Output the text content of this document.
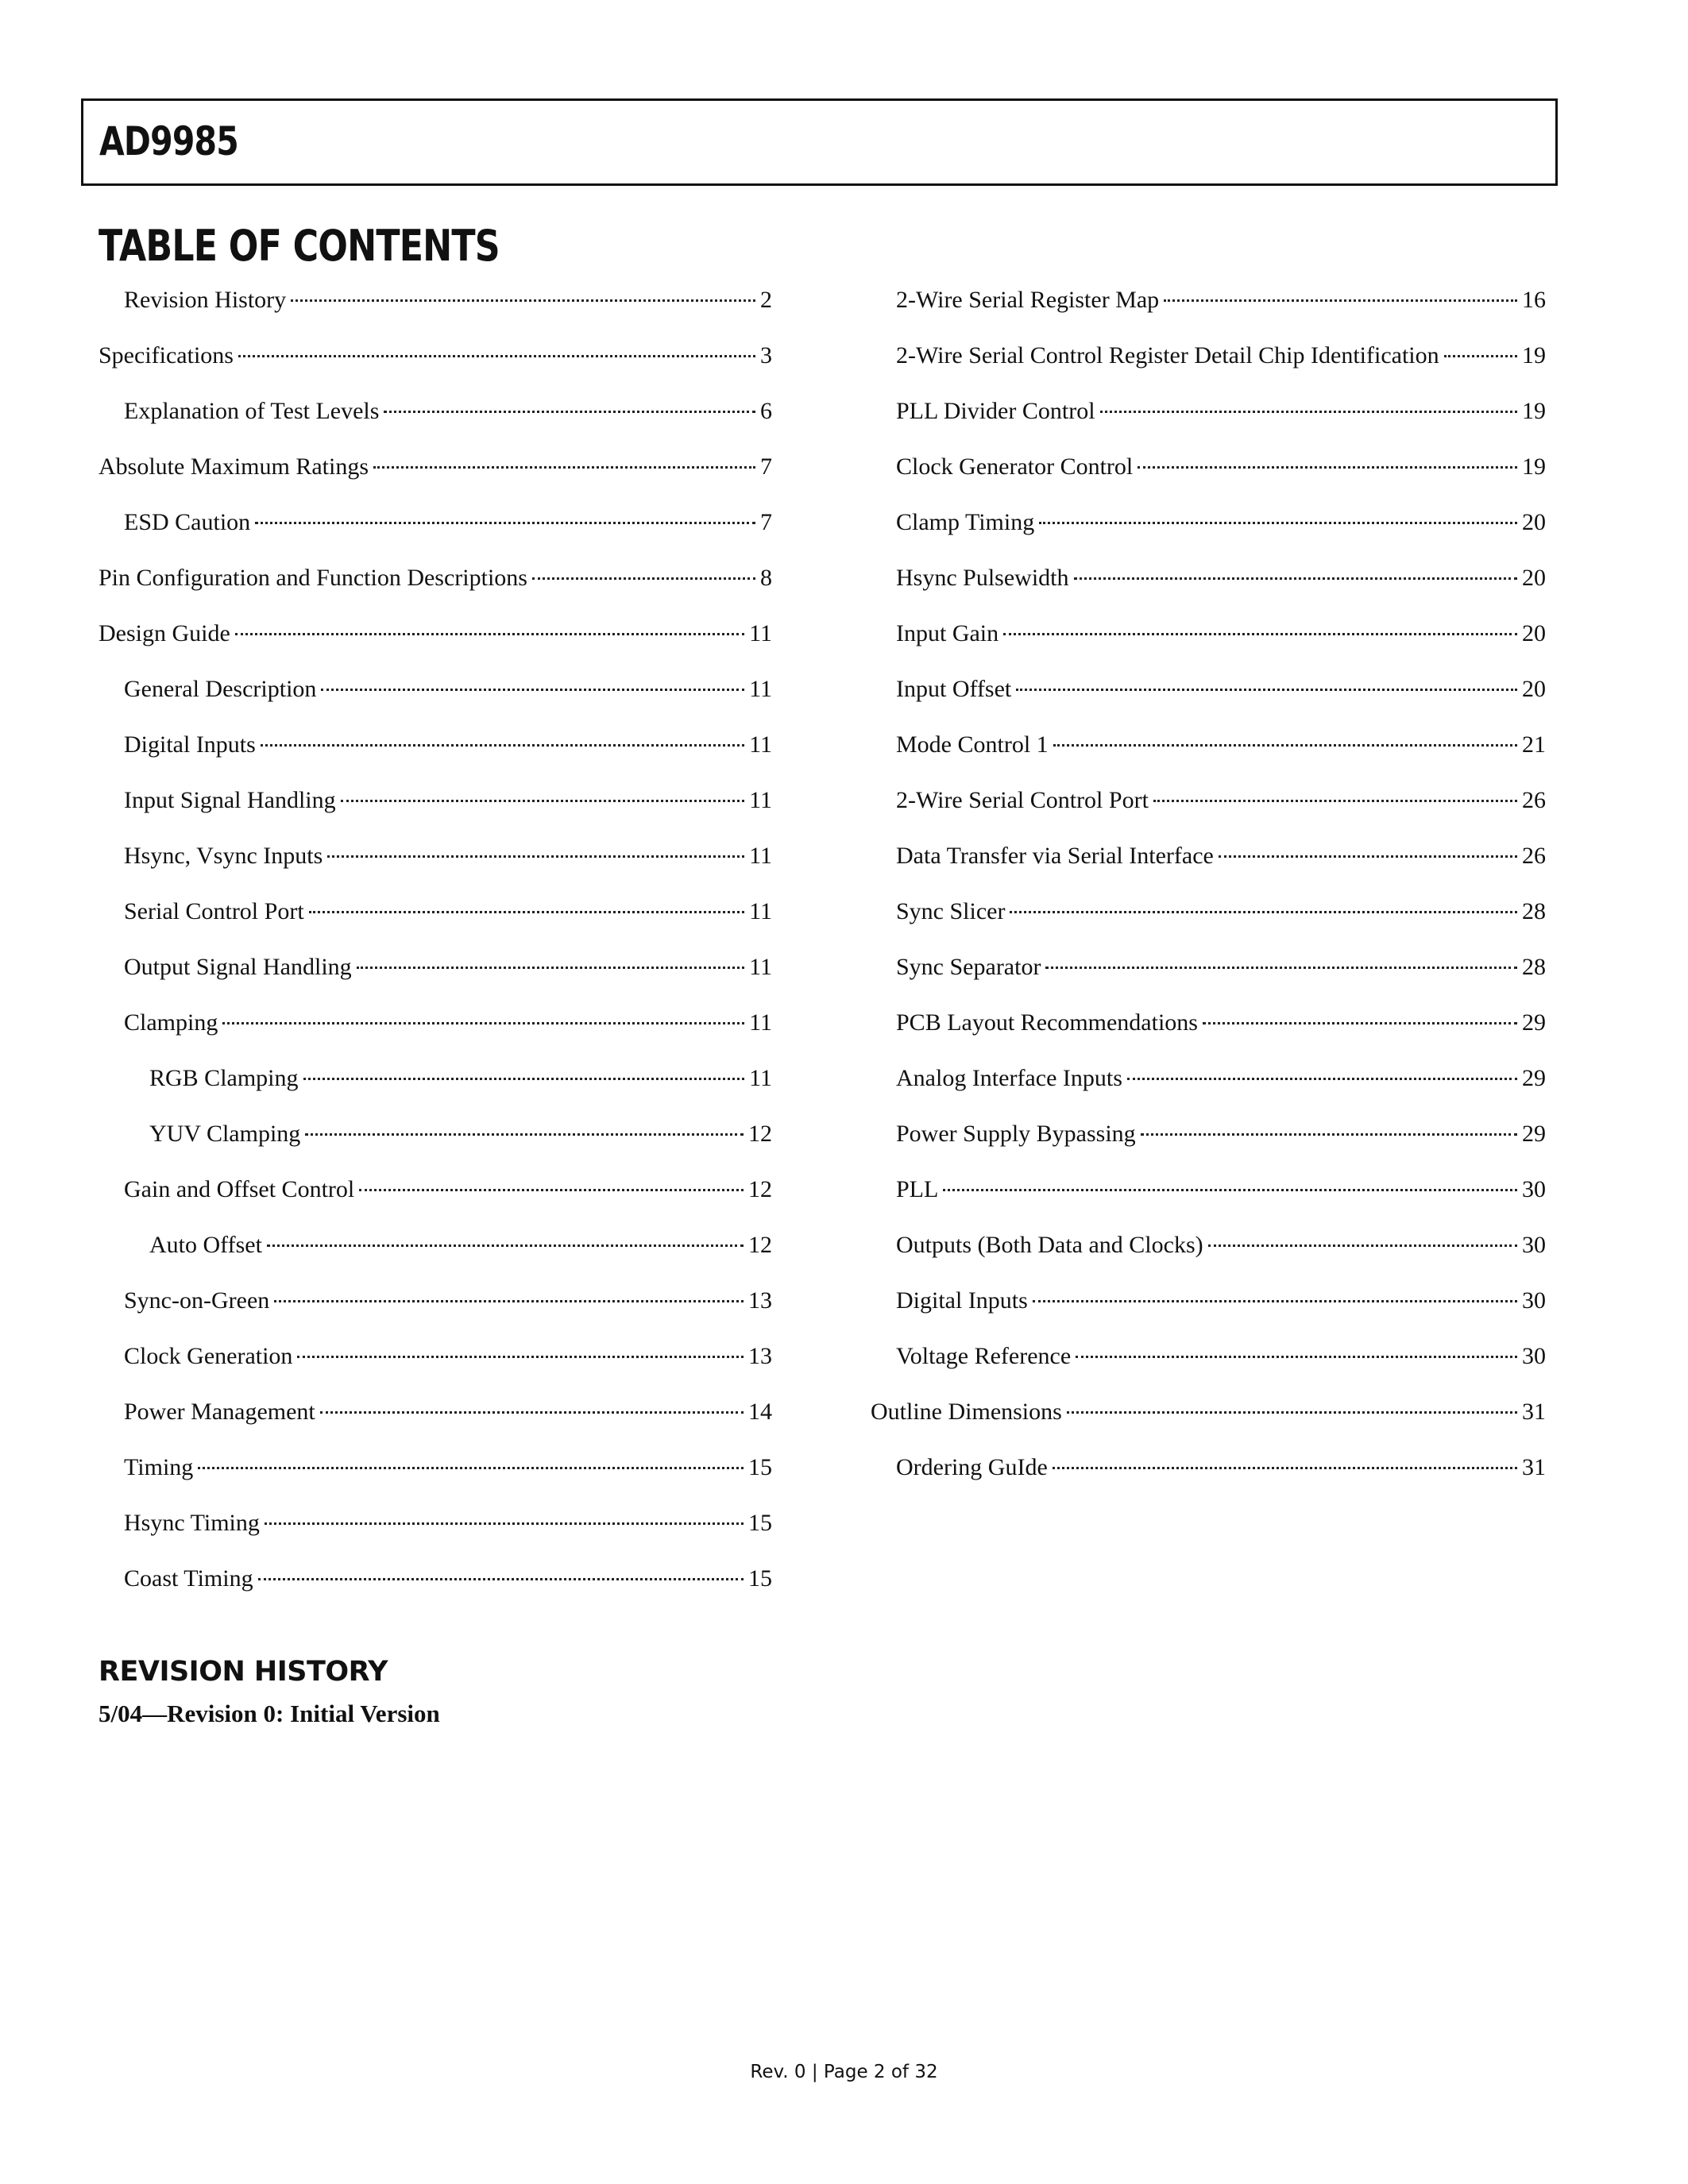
AD9985
TABLE OF CONTENTS
Revision History	2
Specifications	3
Explanation of Test Levels	6
Absolute Maximum Ratings	7
ESD Caution	7
Pin Configuration and Function Descriptions	8
Design Guide	11
General Description	11
Digital Inputs	11
Input Signal Handling	11
Hsync, Vsync Inputs	11
Serial Control Port	11
Output Signal Handling	11
Clamping	11
RGB Clamping	11
YUV Clamping	12
Gain and Offset Control	12
Auto Offset	12
Sync-on-Green	13
Clock Generation	13
Power Management	14
Timing	15
Hsync Timing	15
Coast Timing	15
2-Wire Serial Register Map	16
2-Wire Serial Control Register Detail Chip Identification	19
PLL Divider Control	19
Clock Generator Control	19
Clamp Timing	20
Hsync Pulsewidth	20
Input Gain	20
Input Offset	20
Mode Control 1	21
2-Wire Serial Control Port	26
Data Transfer via Serial Interface	26
Sync Slicer	28
Sync Separator	28
PCB Layout Recommendations	29
Analog Interface Inputs	29
Power Supply Bypassing	29
PLL	30
Outputs (Both Data and Clocks)	30
Digital Inputs	30
Voltage Reference	30
Outline Dimensions	31
Ordering GuIde	31
REVISION HISTORY
5/04—Revision 0: Initial Version
Rev. 0 | Page 2 of 32
